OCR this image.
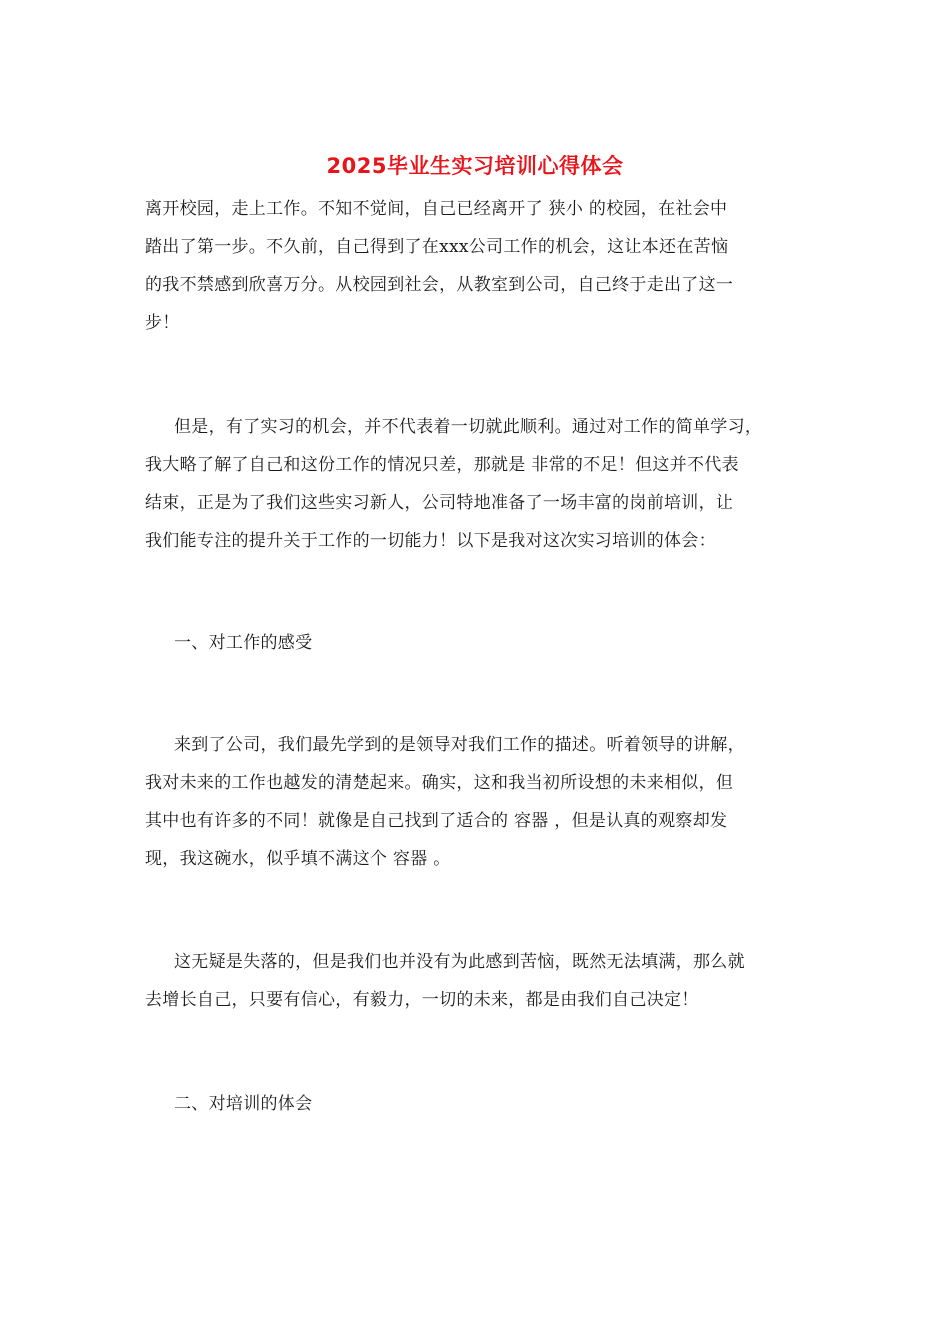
2025毕业生实习培训心得体会
离开校园，走上工作。不知不觉间，自己已经离开了 狭小 的校园，在社会中
踏出了第一步。不久前，自己得到了在xxx公司工作的机会，这让本还在苦恼
的我不禁感到欣喜万分。从校园到社会，从教室到公司，自己终于走出了这一
步！
但是，有了实习的机会，并不代表着一切就此顺利。通过对工作的简单学习，
我大略了解了自己和这份工作的情况只差，那就是 非常的不足！但这并不代表
结束，正是为了我们这些实习新人，公司特地准备了一场丰富的岗前培训，让
我们能专注的提升关于工作的一切能力！以下是我对这次实习培训的体会：
一、对工作的感受
来到了公司，我们最先学到的是领导对我们工作的描述。听着领导的讲解，
我对未来的工作也越发的清楚起来。确实，这和我当初所设想的未来相似，但
其中也有许多的不同！就像是自己找到了适合的 容器 ，但是认真的观察却发
现，我这碗水，似乎填不满这个 容器 。
这无疑是失落的，但是我们也并没有为此感到苦恼，既然无法填满，那么就
去增长自己，只要有信心，有毅力，一切的未来，都是由我们自己决定！
二、对培训的体会
